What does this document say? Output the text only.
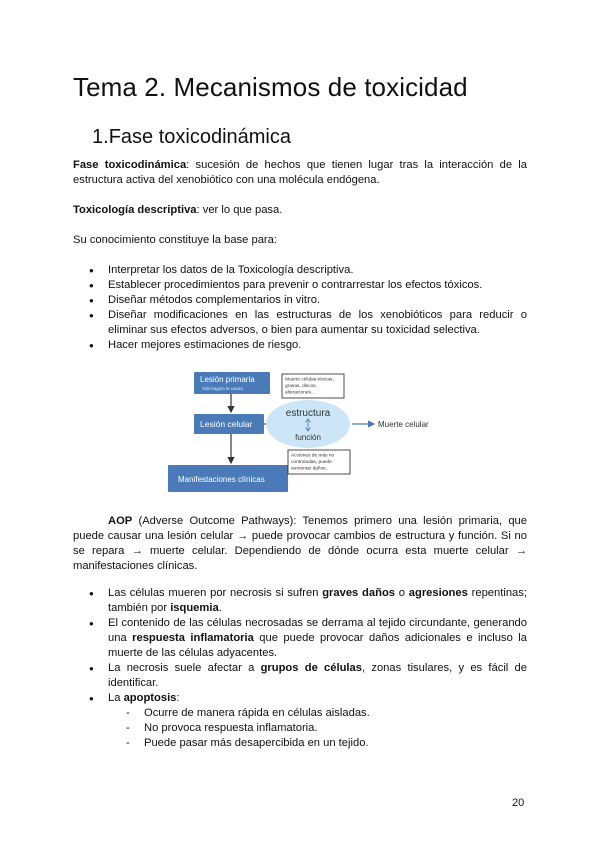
Tema 2. Mecanismos de toxicidad
1.Fase toxicodinámica

Fase toxicodinámica: sucesión de hechos que tienen lugar tras la interacción de la estructura activa del xenobiótico con una molécula endógena.

Toxicología descriptiva: ver lo que pasa.

Su conocimiento constituye la base para:

● Interpretar los datos de la Toxicología descriptiva.
● Establecer procedimientos para prevenir o contrarrestar los efectos tóxicos.
● Diseñar métodos complementarios in vitro.
● Diseñar modificaciones en las estructuras de los xenobióticos para reducir o eliminar sus efectos adversos, o bien para aumentar su toxicidad selectiva.
● Hacer mejores estimaciones de riesgo.
Lesión primaria
Xde bagula la causa
Lesión celular
Manifestaciones clínicas
estructura
función
Muerte celular
Muerte células tóxicas,
grasas, discos,
alteraciones...
Acciones de más no
controladas, puede
aumentar daños.

AOP (Adverse Outcome Pathways): Tenemos primero una lesión primaria, que puede causar una lesión celular → puede provocar cambios de estructura y función. Si no se repara → muerte celular. Dependiendo de dónde ocurra esta muerte celular → manifestaciones clínicas.

● Las células mueren por necrosis si sufren graves daños o agresiones repentinas; también por isquemia.
● El contenido de las células necrosadas se derrama al tejido circundante, generando una respuesta inflamatoria que puede provocar daños adicionales e incluso la muerte de las células adyacentes.
● La necrosis suele afectar a grupos de células, zonas tisulares, y es fácil de identificar.
● La apoptosis:
- Ocurre de manera rápida en células aisladas.
- No provoca respuesta inflamatoria.
- Puede pasar más desapercibida en un tejido.
20
